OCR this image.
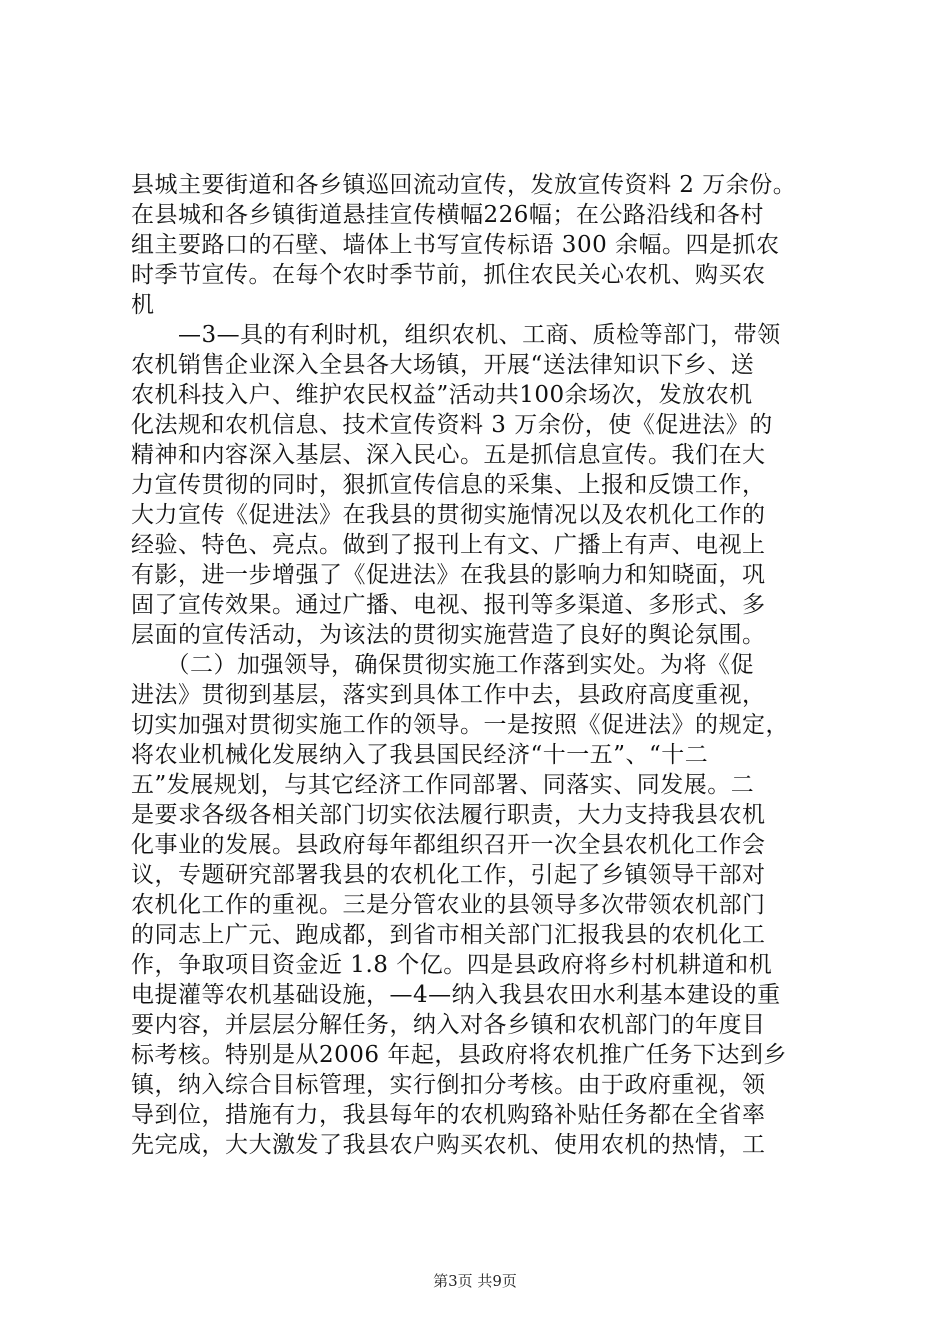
县城主要街道和各乡镇巡回流动宣传，发放宣传资料 2 万余份。
在县城和各乡镇街道悬挂宣传横幅226幅；在公路沿线和各村
组主要路口的石壁、墙体上书写宣传标语 300 余幅。四是抓农
时季节宣传。在每个农时季节前，抓住农民关心农机、购买农
机
　　—3—具的有利时机，组织农机、工商、质检等部门，带领
农机销售企业深入全县各大场镇，开展“送法律知识下乡、送
农机科技入户、维护农民权益”活动共100余场次，发放农机
化法规和农机信息、技术宣传资料 3 万余份，使《促进法》的
精神和内容深入基层、深入民心。五是抓信息宣传。我们在大
力宣传贯彻的同时，狠抓宣传信息的采集、上报和反馈工作，
大力宣传《促进法》在我县的贯彻实施情况以及农机化工作的
经验、特色、亮点。做到了报刊上有文、广播上有声、电视上
有影，进一步增强了《促进法》在我县的影响力和知晓面，巩
固了宣传效果。通过广播、电视、报刊等多渠道、多形式、多
层面的宣传活动，为该法的贯彻实施营造了良好的舆论氛围。
　　（二）加强领导，确保贯彻实施工作落到实处。为将《促
进法》贯彻到基层，落实到具体工作中去，县政府高度重视，
切实加强对贯彻实施工作的领导。一是按照《促进法》的规定，
将农业机械化发展纳入了我县国民经济“十一五”、“十二
五”发展规划，与其它经济工作同部署、同落实、同发展。二
是要求各级各相关部门切实依法履行职责，大力支持我县农机
化事业的发展。县政府每年都组织召开一次全县农机化工作会
议，专题研究部署我县的农机化工作，引起了乡镇领导干部对
农机化工作的重视。三是分管农业的县领导多次带领农机部门
的同志上广元、跑成都，到省市相关部门汇报我县的农机化工
作，争取项目资金近 1.8 个亿。四是县政府将乡村机耕道和机
电提灌等农机基础设施，—4—纳入我县农田水利基本建设的重
要内容，并层层分解任务，纳入对各乡镇和农机部门的年度目
标考核。特别是从2006 年起，县政府将农机推广任务下达到乡
镇，纳入综合目标管理，实行倒扣分考核。由于政府重视，领
导到位，措施有力，我县每年的农机购臵补贴任务都在全省率
先完成，大大激发了我县农户购买农机、使用农机的热情，工
第3页 共9页
